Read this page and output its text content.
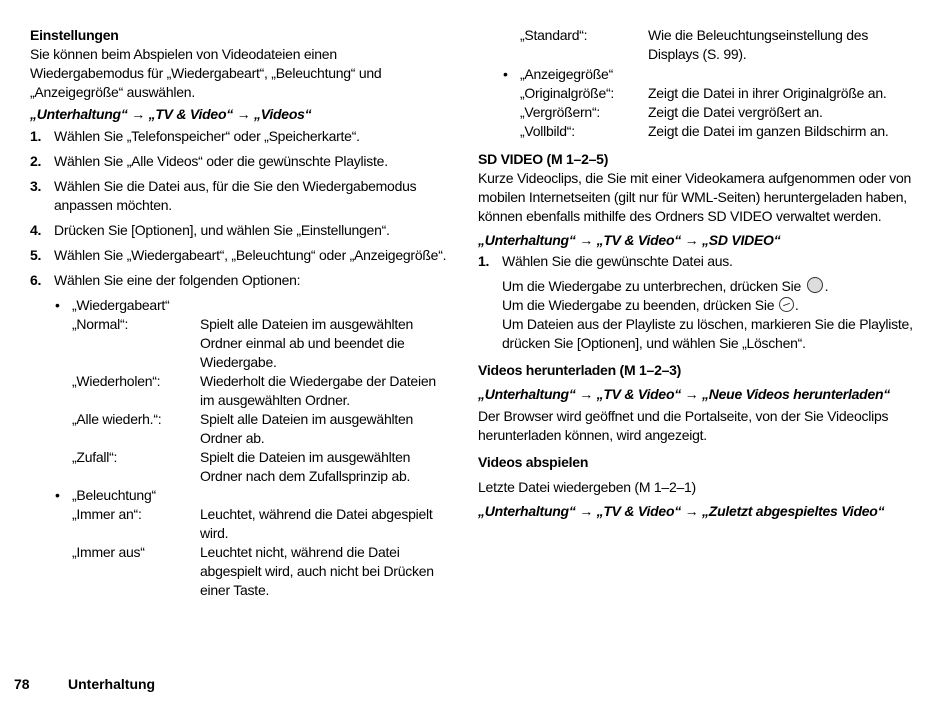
Einstellungen

Sie können beim Abspielen von Videodateien einen Wiedergabemodus für „Wiedergabeart“, „Beleuchtung“ und „Anzeigegröße“ auswählen.

„Unterhaltung“ → „TV & Video“ → „Videos“

1. Wählen Sie „Telefonspeicher“ oder „Speicherkarte“.
2. Wählen Sie „Alle Videos“ oder die gewünschte Playliste.
3. Wählen Sie die Datei aus, für die Sie den Wiedergabemodus anpassen möchten.
4. Drücken Sie [Optionen], und wählen Sie „Einstellungen“.
5. Wählen Sie „Wiedergabeart“, „Beleuchtung“ oder „Anzeigegröße“.
6. Wählen Sie eine der folgenden Optionen:
• „Wiedergabeart“
„Normal“:	Spielt alle Dateien im ausgewählten Ordner einmal ab und beendet die Wiedergabe.
„Wiederholen“:	Wiederholt die Wiedergabe der Dateien im ausgewählten Ordner.
„Alle wiederh.“:	Spielt alle Dateien im ausgewählten Ordner ab.
„Zufall“:	Spielt die Dateien im ausgewählten Ordner nach dem Zufallsprinzip ab.
• „Beleuchtung“
„Immer an“:	Leuchtet, während die Datei abgespielt wird.
„Immer aus“	Leuchtet nicht, während die Datei abgespielt wird, auch nicht bei Drücken einer Taste.
„Standard“:	Wie die Beleuchtungseinstellung des Displays (S. 99).
• „Anzeigegröße“
„Originalgröße“: Zeigt die Datei in ihrer Originalgröße an.
„Vergrößern“:	Zeigt die Datei vergrößert an.
„Vollbild“:	Zeigt die Datei im ganzen Bildschirm an.

SD VIDEO (M 1–2–5)

Kurze Videoclips, die Sie mit einer Videokamera aufgenommen oder von mobilen Internetseiten (gilt nur für WML-Seiten) heruntergeladen haben, können ebenfalls mithilfe des Ordners SD VIDEO verwaltet werden.

„Unterhaltung“ → „TV & Video“ → „SD VIDEO“

1. Wählen Sie die gewünschte Datei aus.

Um die Wiedergabe zu unterbrechen, drücken Sie .

Um die Wiedergabe zu beenden, drücken Sie .

Um Dateien aus der Playliste zu löschen, markieren Sie die Playliste, drücken Sie [Optionen], und wählen Sie „Löschen“.

Videos herunterladen (M 1–2–3)

„Unterhaltung“ → „TV & Video“ → „Neue Videos herunterladen“

Der Browser wird geöffnet und die Portalseite, von der Sie Videoclips herunterladen können, wird angezeigt.

Videos abspielen

Letzte Datei wiedergeben (M 1–2–1)

„Unterhaltung“ → „TV & Video“ → „Zuletzt abgespieltes Video“

78	Unterhaltung
